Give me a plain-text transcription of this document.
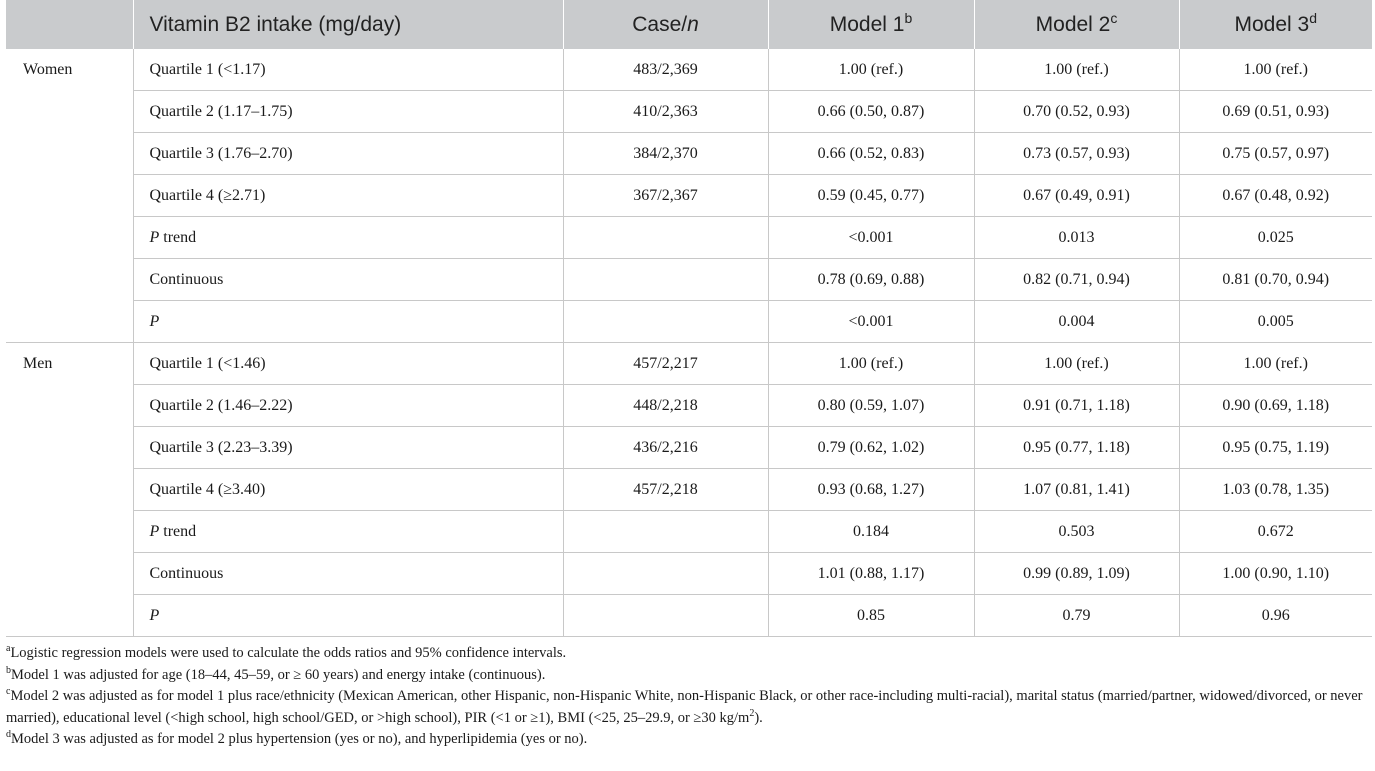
	Vitamin B2 intake (mg/day)	Case/n	Model 1$^b$	Model 2$^c$	Model 3$^d$
Women	Quartile 1 (<1.17)	483/2,369	1.00 (ref.)	1.00 (ref.)	1.00 (ref.)
	Quartile 2 (1.17–1.75)	410/2,363	0.66 (0.50, 0.87)	0.70 (0.52, 0.93)	0.69 (0.51, 0.93)
	Quartile 3 (1.76–2.70)	384/2,370	0.66 (0.52, 0.83)	0.73 (0.57, 0.93)	0.75 (0.57, 0.97)
	Quartile 4 (≥2.71)	367/2,367	0.59 (0.45, 0.77)	0.67 (0.49, 0.91)	0.67 (0.48, 0.92)
	P trend		<0.001	0.013	0.025
	Continuous		0.78 (0.69, 0.88)	0.82 (0.71, 0.94)	0.81 (0.70, 0.94)
	P		<0.001	0.004	0.005
Men	Quartile 1 (<1.46)	457/2,217	1.00 (ref.)	1.00 (ref.)	1.00 (ref.)
	Quartile 2 (1.46–2.22)	448/2,218	0.80 (0.59, 1.07)	0.91 (0.71, 1.18)	0.90 (0.69, 1.18)
	Quartile 3 (2.23–3.39)	436/2,216	0.79 (0.62, 1.02)	0.95 (0.77, 1.18)	0.95 (0.75, 1.19)
	Quartile 4 (≥3.40)	457/2,218	0.93 (0.68, 1.27)	1.07 (0.81, 1.41)	1.03 (0.78, 1.35)
	P trend		0.184	0.503	0.672
	Continuous		1.01 (0.88, 1.17)	0.99 (0.89, 1.09)	1.00 (0.90, 1.10)
	P		0.85	0.79	0.96

$^a$Logistic regression models were used to calculate the odds ratios and 95% confidence intervals.

$^b$Model 1 was adjusted for age (18–44, 45–59, or ≥ 60 years) and energy intake (continuous).

$^c$Model 2 was adjusted as for model 1 plus race/ethnicity (Mexican American, other Hispanic, non-Hispanic White, non-Hispanic Black, or other race-including multi-racial), marital status (married/partner, widowed/divorced, or never married), educational level (<high school, high school/GED, or >high school), PIR (<1 or ≥1), BMI (<25, 25–29.9, or ≥30 $kg/m^2$).

$^d$Model 3 was adjusted as for model 2 plus hypertension (yes or no), and hyperlipidemia (yes or no).
